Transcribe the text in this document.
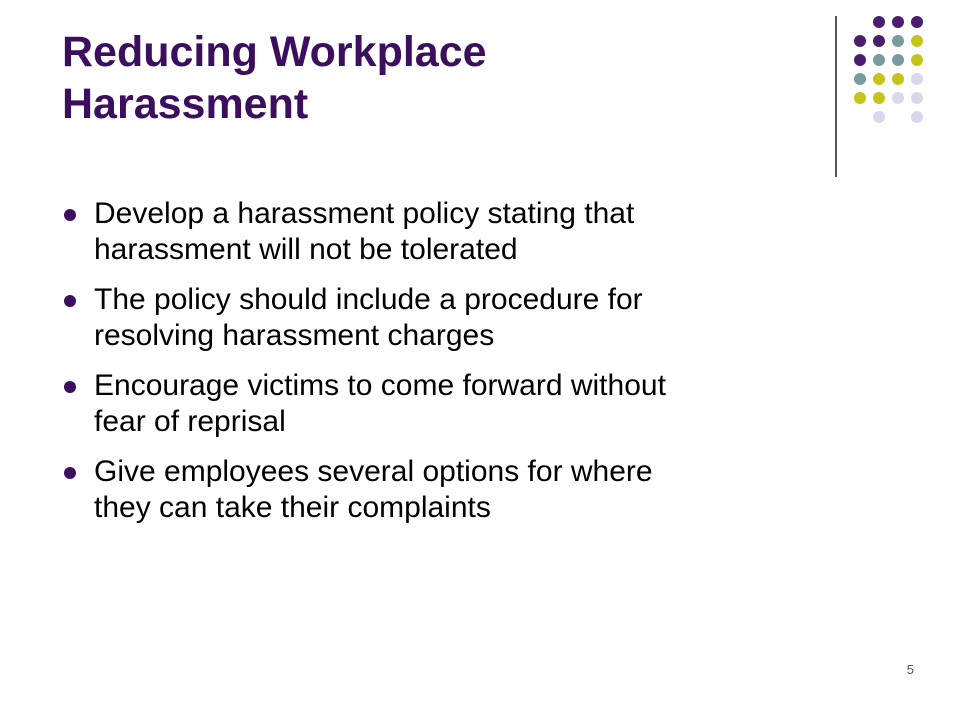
Reducing Workplace
Harassment
Develop a harassment policy stating that
harassment will not be tolerated
The policy should include a procedure for
resolving harassment charges
Encourage victims to come forward without
fear of reprisal
Give employees several options for where
they can take their complaints
5
